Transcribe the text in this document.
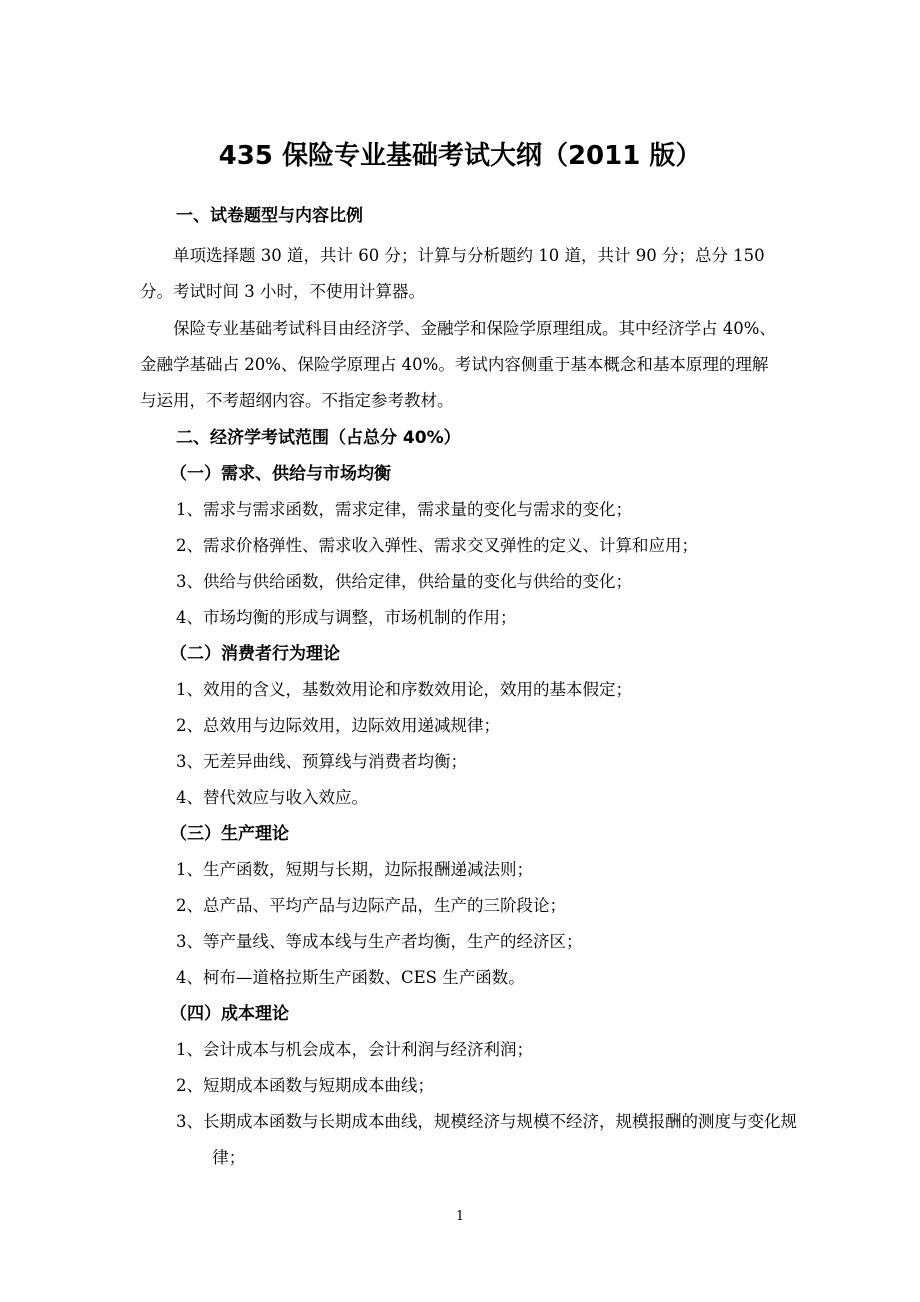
435 保险专业基础考试大纲（2011 版）
一、试卷题型与内容比例
单项选择题 30 道，共计 60 分；计算与分析题约 10 道，共计 90 分；总分 150 分。考试时间 3 小时，不使用计算器。
保险专业基础考试科目由经济学、金融学和保险学原理组成。其中经济学占 40%、金融学基础占 20%、保险学原理占 40%。考试内容侧重于基本概念和基本原理的理解与运用，不考超纲内容。不指定参考教材。
二、经济学考试范围（占总分 40%）
（一）需求、供给与市场均衡
1、需求与需求函数，需求定律，需求量的变化与需求的变化；
2、需求价格弹性、需求收入弹性、需求交叉弹性的定义、计算和应用；
3、供给与供给函数，供给定律，供给量的变化与供给的变化；
4、市场均衡的形成与调整，市场机制的作用；
（二）消费者行为理论
1、效用的含义，基数效用论和序数效用论，效用的基本假定；
2、总效用与边际效用，边际效用递减规律；
3、无差异曲线、预算线与消费者均衡；
4、替代效应与收入效应。
（三）生产理论
1、生产函数，短期与长期，边际报酬递减法则；
2、总产品、平均产品与边际产品，生产的三阶段论；
3、等产量线、等成本线与生产者均衡，生产的经济区；
4、柯布—道格拉斯生产函数、CES 生产函数。
（四）成本理论
1、会计成本与机会成本，会计利润与经济利润；
2、短期成本函数与短期成本曲线；
3、长期成本函数与长期成本曲线，规模经济与规模不经济，规模报酬的测度与变化规律；
1
